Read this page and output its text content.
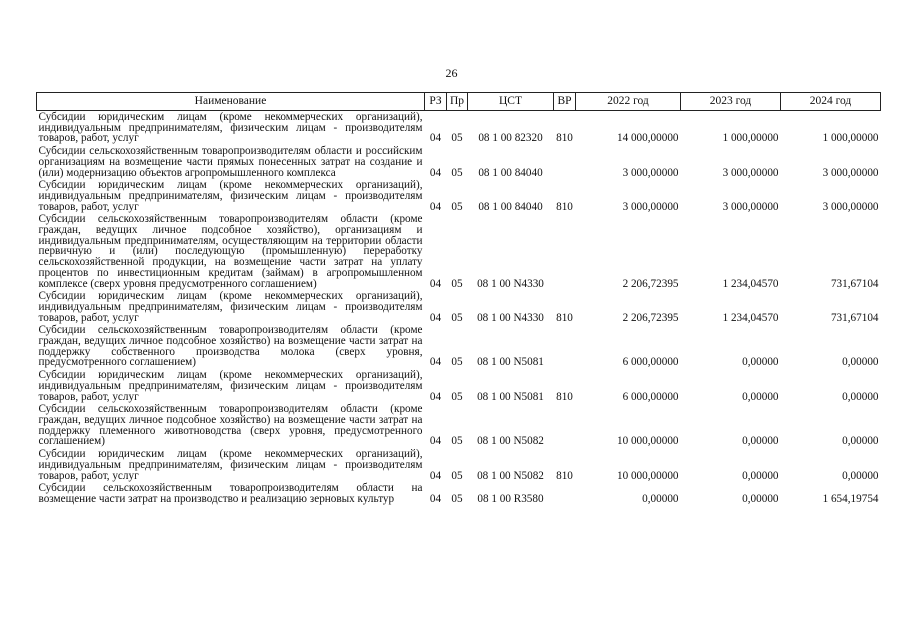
26
Наименование	РЗ	Пр	ЦСТ	ВР	2022 год	2023 год	2024 год
Субсидии юридическим лицам (кроме некоммерческих организаций), индивидуальным предпринимателям, физическим лицам - производителям товаров, работ, услуг	04	05	08 1 00 82320	810	14 000,00000	1 000,00000	1 000,00000
Субсидии сельскохозяйственным товаропроизводителям области и российским организациям на возмещение части прямых понесенных затрат на создание и (или) модернизацию объектов агропромышленного комплекса	04	05	08 1 00 84040		3 000,00000	3 000,00000	3 000,00000
Субсидии юридическим лицам (кроме некоммерческих организаций), индивидуальным предпринимателям, физическим лицам - производителям товаров, работ, услуг	04	05	08 1 00 84040	810	3 000,00000	3 000,00000	3 000,00000
Субсидии сельскохозяйственным товаропроизводителям области (кроме граждан, ведущих личное подсобное хозяйство), организациям и индивидуальным предпринимателям, осуществляющим на территории области первичную и (или) последующую (промышленную) переработку сельскохозяйственной продукции, на возмещение части затрат на уплату процентов по инвестиционным кредитам (займам) в агропромышленном комплексе (сверх уровня предусмотренного соглашением)	04	05	08 1 00 N4330		2 206,72395	1 234,04570	731,67104
Субсидии юридическим лицам (кроме некоммерческих организаций), индивидуальным предпринимателям, физическим лицам - производителям товаров, работ, услуг	04	05	08 1 00 N4330	810	2 206,72395	1 234,04570	731,67104
Субсидии сельскохозяйственным товаропроизводителям области (кроме граждан, ведущих личное подсобное хозяйство) на возмещение части затрат на поддержку собственного производства молока (сверх уровня, предусмотренного соглашением)	04	05	08 1 00 N5081		6 000,00000	0,00000	0,00000
Субсидии юридическим лицам (кроме некоммерческих организаций), индивидуальным предпринимателям, физическим лицам - производителям товаров, работ, услуг	04	05	08 1 00 N5081	810	6 000,00000	0,00000	0,00000
Субсидии сельскохозяйственным товаропроизводителям области (кроме граждан, ведущих личное подсобное хозяйство) на возмещение части затрат на поддержку племенного животноводства (сверх уровня, предусмотренного соглашением)	04	05	08 1 00 N5082		10 000,00000	0,00000	0,00000
Субсидии юридическим лицам (кроме некоммерческих организаций), индивидуальным предпринимателям, физическим лицам - производителям товаров, работ, услуг	04	05	08 1 00 N5082	810	10 000,00000	0,00000	0,00000
Субсидии сельскохозяйственным товаропроизводителям области на возмещение части затрат на производство и реализацию зерновых культур	04	05	08 1 00 R3580		0,00000	0,00000	1 654,19754
